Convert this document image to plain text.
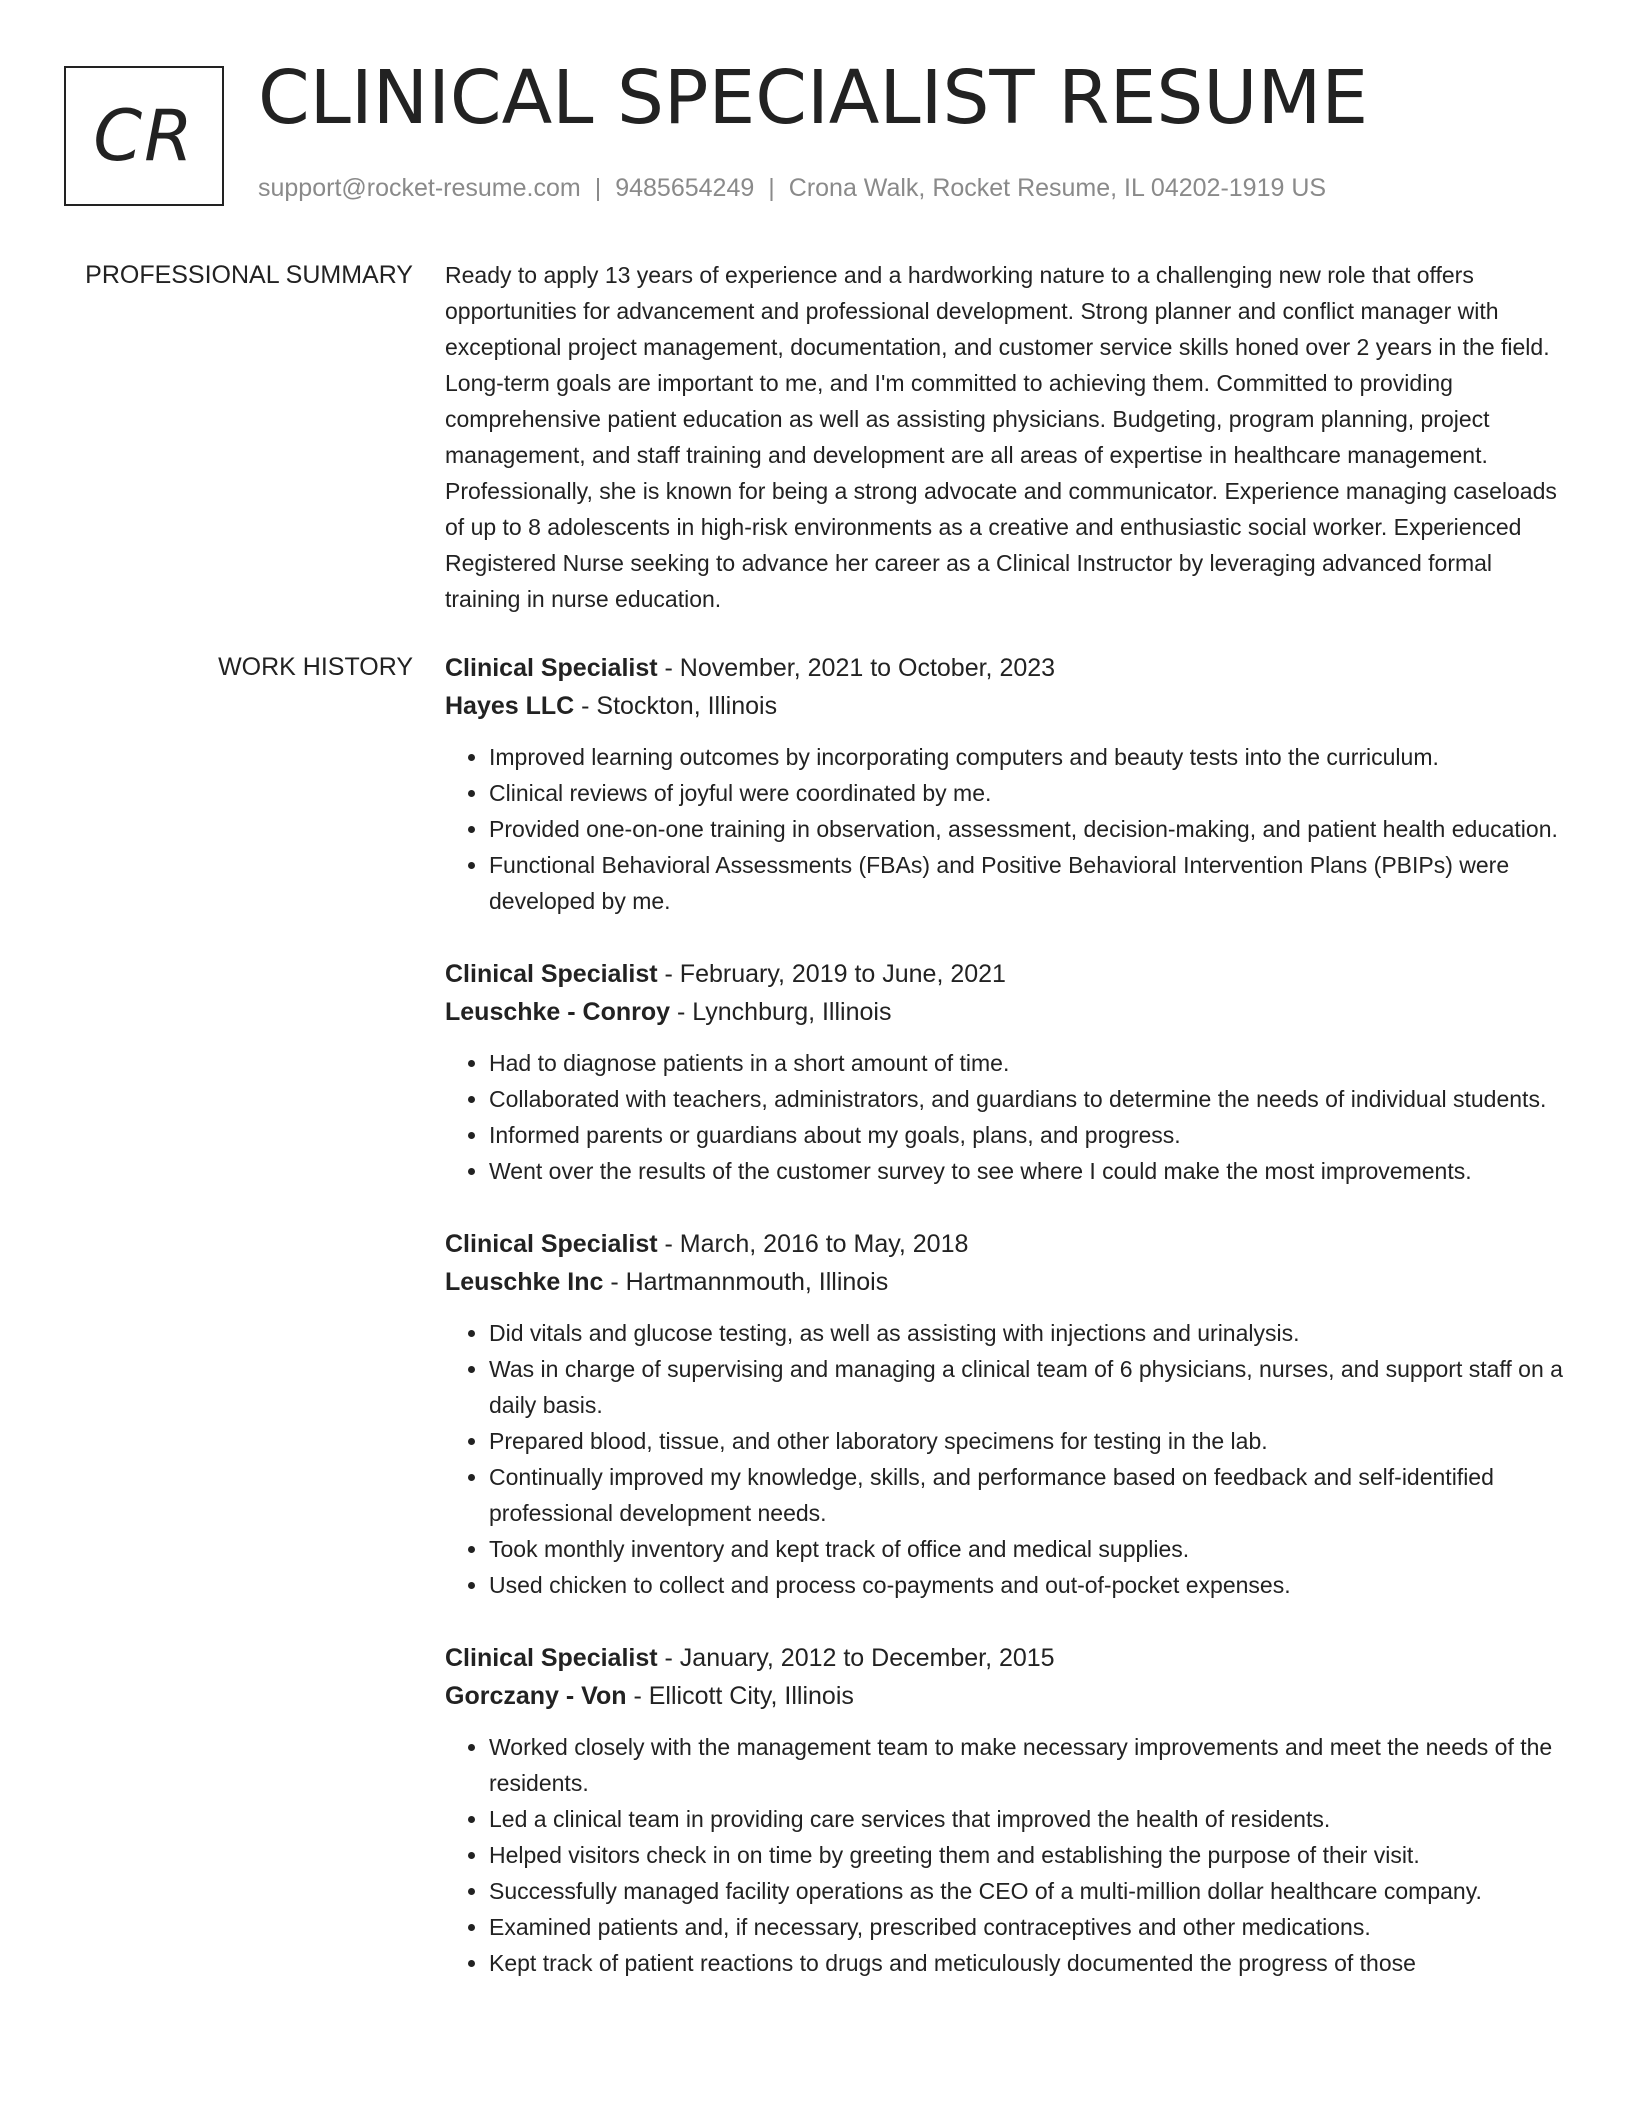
CR CLINICAL SPECIALIST RESUME
support@rocket-resume.com | 9485654249 | Crona Walk, Rocket Resume, IL 04202-1919 US
PROFESSIONAL SUMMARY Ready to apply 13 years of experience and a hardworking nature to a challenging new role that offers opportunities for advancement and professional development. Strong planner and conflict manager with exceptional project management, documentation, and customer service skills honed over 2 years in the field. Long-term goals are important to me, and I'm committed to achieving them. Committed to providing comprehensive patient education as well as assisting physicians. Budgeting, program planning, project management, and staff training and development are all areas of expertise in healthcare management. Professionally, she is known for being a strong advocate and communicator. Experience managing caseloads of up to 8 adolescents in high-risk environments as a creative and enthusiastic social worker. Experienced Registered Nurse seeking to advance her career as a Clinical Instructor by leveraging advanced formal training in nurse education.

WORK HISTORY Clinical Specialist - November, 2021 to October, 2023
Hayes LLC - Stockton, Illinois
• Improved learning outcomes by incorporating computers and beauty tests into the curriculum.
• Clinical reviews of joyful were coordinated by me.
• Provided one-on-one training in observation, assessment, decision-making, and patient health education.
• Functional Behavioral Assessments (FBAs) and Positive Behavioral Intervention Plans (PBIPs) were developed by me.
Clinical Specialist - February, 2019 to June, 2021
Leuschke - Conroy - Lynchburg, Illinois
• Had to diagnose patients in a short amount of time.
• Collaborated with teachers, administrators, and guardians to determine the needs of individual students.
• Informed parents or guardians about my goals, plans, and progress.
• Went over the results of the customer survey to see where I could make the most improvements.
Clinical Specialist - March, 2016 to May, 2018
Leuschke Inc - Hartmannmouth, Illinois
• Did vitals and glucose testing, as well as assisting with injections and urinalysis.
• Was in charge of supervising and managing a clinical team of 6 physicians, nurses, and support staff on a daily basis.
• Prepared blood, tissue, and other laboratory specimens for testing in the lab.
• Continually improved my knowledge, skills, and performance based on feedback and self-identified professional development needs.
• Took monthly inventory and kept track of office and medical supplies.
• Used chicken to collect and process co-payments and out-of-pocket expenses.
Clinical Specialist - January, 2012 to December, 2015
Gorczany - Von - Ellicott City, Illinois
• Worked closely with the management team to make necessary improvements and meet the needs of the residents.
• Led a clinical team in providing care services that improved the health of residents.
• Helped visitors check in on time by greeting them and establishing the purpose of their visit.
• Successfully managed facility operations as the CEO of a multi-million dollar healthcare company.
• Examined patients and, if necessary, prescribed contraceptives and other medications.
• Kept track of patient reactions to drugs and meticulously documented the progress of those
